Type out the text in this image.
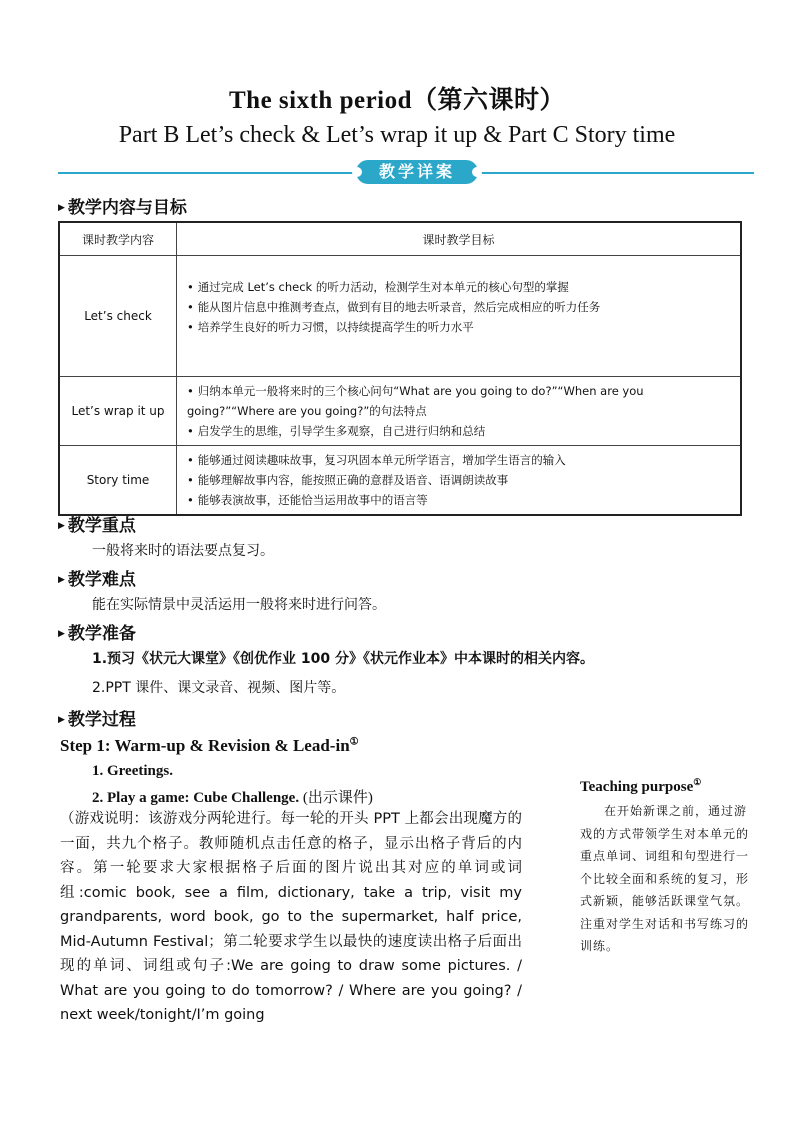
The sixth period（第六课时）
Part B Let’s check & Let’s wrap it up & Part C Story time
教学详案
▶ 教学内容与目标
课时教学内容	课时教学目标
Let’s check	• 通过完成 Let’s check 的听力活动，检测学生对本单元的核心句型的掌握
• 能从图片信息中推测考查点，做到有目的地去听录音，然后完成相应的听力任务
• 培养学生良好的听力习惯，以持续提高学生的听力水平

Let’s wrap it up	• 归纳本单元一般将来时的三个核心问句“What are you going to do?”“When are you going?”“Where are you going?”的句法特点
• 启发学生的思维，引导学生多观察，自己进行归纳和总结

Story time	• 能够通过阅读趣味故事，复习巩固本单元所学语言，增加学生语言的输入
• 能够理解故事内容，能按照正确的意群及语音、语调朗读故事
• 能够表演故事，还能恰当运用故事中的语言等
▶ 教学重点
一般将来时的语法要点复习。
▶ 教学难点
能在实际情景中灵活运用一般将来时进行问答。
▶ 教学准备
1.预习《状元大课堂》《创优作业 100 分》《状元作业本》中本课时的相关内容。
2.PPT 课件、课文录音、视频、图片等。
▶ 教学过程
Step 1: Warm-up & Revision & Lead-in①
1. Greetings.
2. Play a game: Cube Challenge. (出示课件)
（游戏说明：该游戏分两轮进行。每一轮的开头 PPT 上都会出现魔方的一面，共九个格子。教师随机点击任意的格子，显示出格子背后的内容。第一轮要求大家根据格子后面的图片说出其对应的单词或词组:comic book, see a film, dictionary, take a trip, visit my grandparents, word book, go to the supermarket, half price, Mid-Autumn Festival；第二轮要求学生以最快的速度读出格子后面出现的单词、词组或句子:We are going to draw some pictures. / What are you going to do tomorrow? / Where are you going? / next week/tonight/I’m going
Teaching purpose①
在开始新课之前，通过游戏的方式带领学生对本单元的重点单词、词组和句型进行一个比较全面和系统的复习，形式新颖，能够活跃课堂气氛。 注重对学生对话和书写练习的训练。
